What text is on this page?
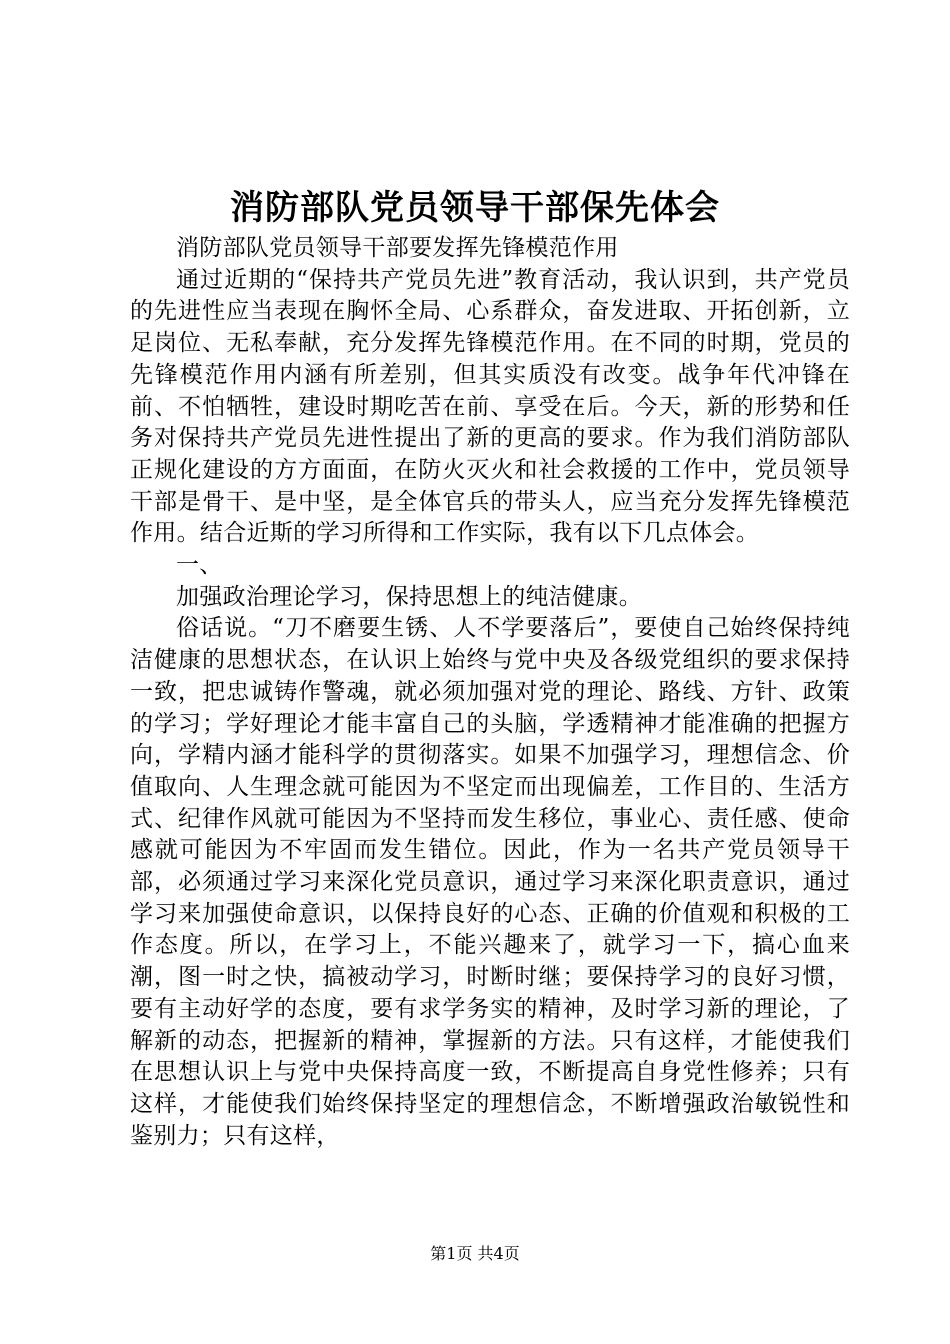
消防部队党员领导干部保先体会

消防部队党员领导干部要发挥先锋模范作用

通过近期的“保持共产党员先进”教育活动，我认识到，共产党员的先进性应当表现在胸怀全局、心系群众，奋发进取、开拓创新，立足岗位、无私奉献，充分发挥先锋模范作用。在不同的时期，党员的先锋模范作用内涵有所差别，但其实质没有改变。战争年代冲锋在前、不怕牺牲，建设时期吃苦在前、享受在后。今天，新的形势和任务对保持共产党员先进性提出了新的更高的要求。作为我们消防部队正规化建设的方方面面，在防火灭火和社会救援的工作中，党员领导干部是骨干、是中坚，是全体官兵的带头人，应当充分发挥先锋模范作用。结合近斯的学习所得和工作实际，我有以下几点体会。

一、

加强政治理论学习，保持思想上的纯洁健康。

俗话说。“刀不磨要生锈、人不学要落后”，要使自己始终保持纯洁健康的思想状态，在认识上始终与党中央及各级党组织的要求保持一致，把忠诚铸作警魂，就必须加强对党的理论、路线、方针、政策的学习；学好理论才能丰富自己的头脑，学透精神才能准确的把握方向，学精内涵才能科学的贯彻落实。如果不加强学习，理想信念、价值取向、人生理念就可能因为不坚定而出现偏差，工作目的、生活方式、纪律作风就可能因为不坚持而发生移位，事业心、责任感、使命感就可能因为不牢固而发生错位。因此，作为一名共产党员领导干部，必须通过学习来深化党员意识，通过学习来深化职责意识，通过学习来加强使命意识，以保持良好的心态、正确的价值观和积极的工作态度。所以，在学习上，不能兴趣来了，就学习一下，搞心血来潮，图一时之快，搞被动学习，时断时继；要保持学习的良好习惯，要有主动好学的态度，要有求学务实的精神，及时学习新的理论，了解新的动态，把握新的精神，掌握新的方法。只有这样，才能使我们在思想认识上与党中央保持高度一致，不断提高自身党性修养；只有这样，才能使我们始终保持坚定的理想信念，不断增强政治敏锐性和鉴别力；只有这样，

第1页 共4页
